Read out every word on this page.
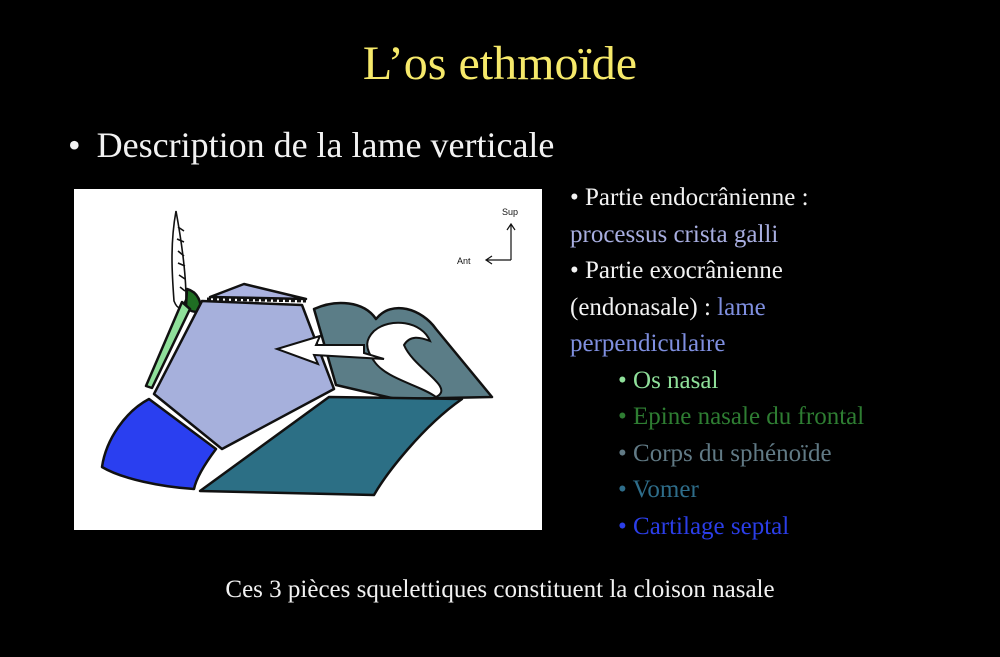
L’os ethmoïde
• Description de la lame verticale
Sup
Ant
• Partie endocrânienne :
processus crista galli
• Partie exocrânienne
(endonasale) : lame
perpendiculaire
• Os nasal
• Epine nasale du frontal
• Corps du sphénoïde
• Vomer
• Cartilage septal
Ces 3 pièces squelettiques constituent la cloison nasale
